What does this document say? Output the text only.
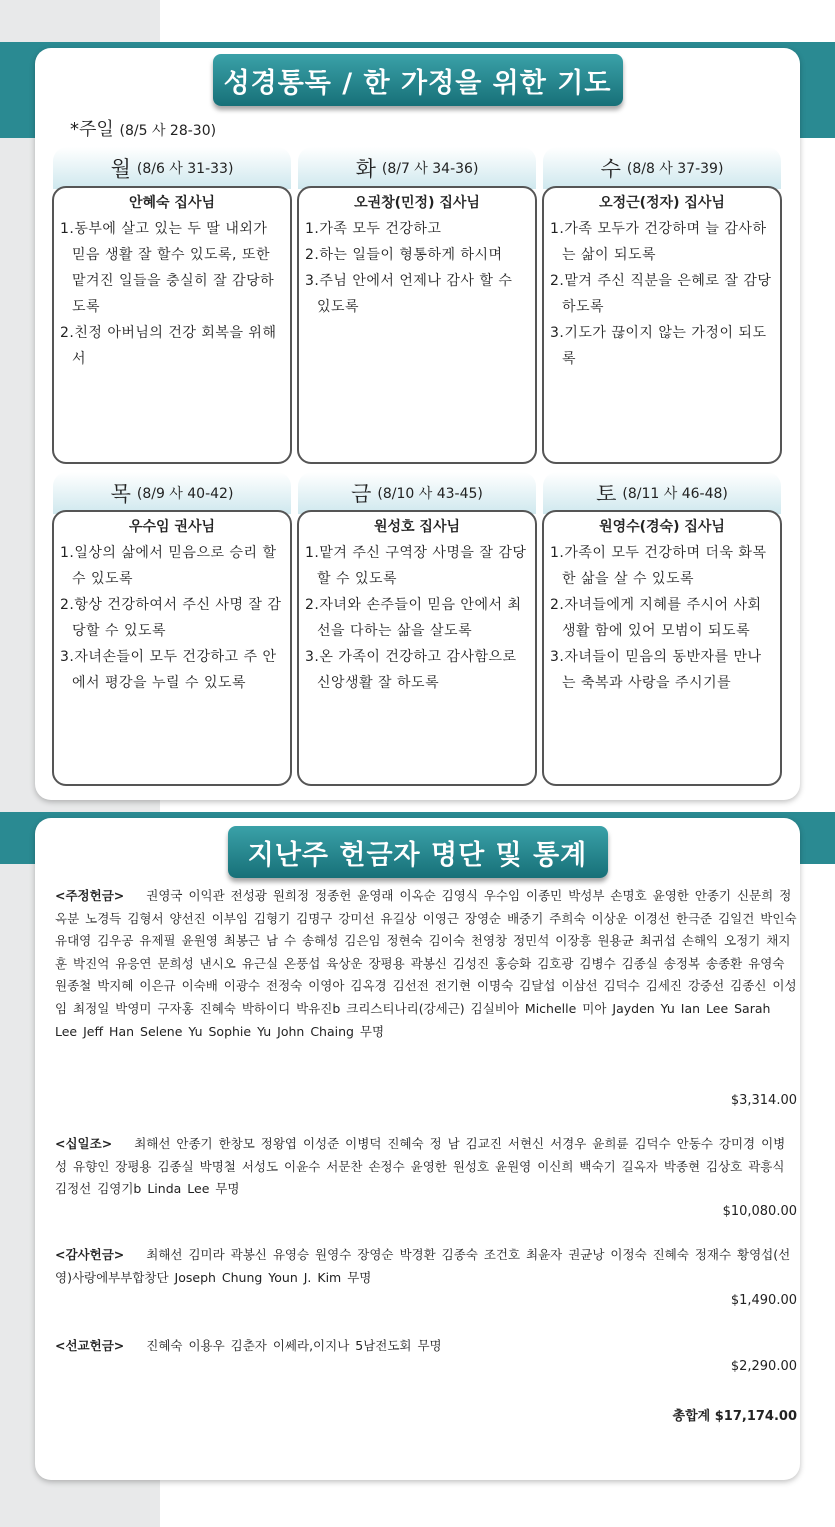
성경통독 / 한 가정을 위한 기도
*주일 (8/5 사 28-30)
월 (8/6 사 31-33)
안혜숙 집사님
1.동부에 살고 있는 두 딸 내외가 믿음 생활 잘 할수 있도록, 또한 맡겨진 일들을 충실히 잘 감당하도록
2.친정 아버님의 건강 회복을 위해서
화 (8/7 사 34-36)
오권창(민정) 집사님
1.가족 모두 건강하고
2.하는 일들이 형통하게 하시며
3.주님 안에서 언제나 감사 할 수 있도록
수 (8/8 사 37-39)
오정근(정자) 집사님
1.가족 모두가 건강하며 늘 감사하는 삶이 되도록
2.맡겨 주신 직분을 은혜로 잘 감당하도록
3.기도가 끊이지 않는 가정이 되도록
목 (8/9 사 40-42)
우수임 권사님
1.일상의 삶에서 믿음으로 승리 할 수 있도록
2.항상 건강하여서 주신 사명 잘 감당할 수 있도록
3.자녀손들이 모두 건강하고 주 안에서 평강을 누릴 수 있도록
금 (8/10 사 43-45)
원성호 집사님
1.맡겨 주신 구역장 사명을 잘 감당할 수 있도록
2.자녀와 손주들이 믿음 안에서 최선을 다하는 삶을 살도록
3.온 가족이 건강하고 감사함으로 신앙생활 잘 하도록
토 (8/11 사 46-48)
원영수(경숙) 집사님
1.가족이 모두 건강하며 더욱 화목한 삶을 살 수 있도록
2.자녀들에게 지혜를 주시어 사회생활 함에 있어 모범이 되도록
3.자녀들이 믿음의 동반자를 만나는 축복과 사랑을 주시기를
지난주 헌금자 명단 및 통계
<주정헌금> 권영국 이익관 전성광 원희정 정종헌 윤영래 이옥순 김영식 우수임 이종민 박성부 손명호 윤영한 안종기 신문희 정옥분 노경득 김형서 양선진 이부임 김형기 김명구 강미선 유길상 이영근 장영순 배중기 주희숙 이상운 이경선 한극준 김일건 박인숙 유대영 김우공 유제필 윤원영 최봉근 남 수 송해성 김은임 정현숙 김이숙 천영창 정민석 이장흥 원용균 최귀섭 손해익 오정기 채지훈 박진억 유응연 문희성 낸시오 유근실 온풍섭 육상운 장평용 곽봉신 김성진 홍승화 김호광 김병수 김종실 송정복 송종환 유영숙 원종철 박지혜 이은규 이숙배 이광수 전정숙 이영아 김옥경 김선전 전기현 이명숙 김달섭 이삼선 김덕수 김세진 강중선 김종신 이성임 최정일 박영미 구자홍 진혜숙 박하이디 박유진b 크리스티나리(강세근) 김실비아 Michelle 미아 Jayden Yu Ian Lee Sarah Lee Jeff Han Selene Yu Sophie Yu John Chaing 무명
$3,314.00
<십일조> 최해선 안종기 한창모 정왕엽 이성준 이병덕 진혜숙 정 남 김교진 서현신 서경우 윤희륜 김덕수 안동수 강미경 이병성 유향인 장평용 김종실 박명철 서성도 이윤수 서문찬 손정수 윤영한 원성호 윤원영 이신희 백숙기 길옥자 박종현 김상호 곽흥식 김정선 김영기b Linda Lee 무명
$10,080.00
<감사헌금> 최해선 김미라 곽봉신 유영승 원영수 장영순 박경환 김종숙 조건호 최윤자 권균낭 이정숙 진혜숙 정재수 황영섭(선영)사랑에부부합창단 Joseph Chung Youn J. Kim 무명
$1,490.00
<선교헌금> 진혜숙 이용우 김춘자 이쎄라,이지나 5남전도회 무명
$2,290.00
총합계 $17,174.00
